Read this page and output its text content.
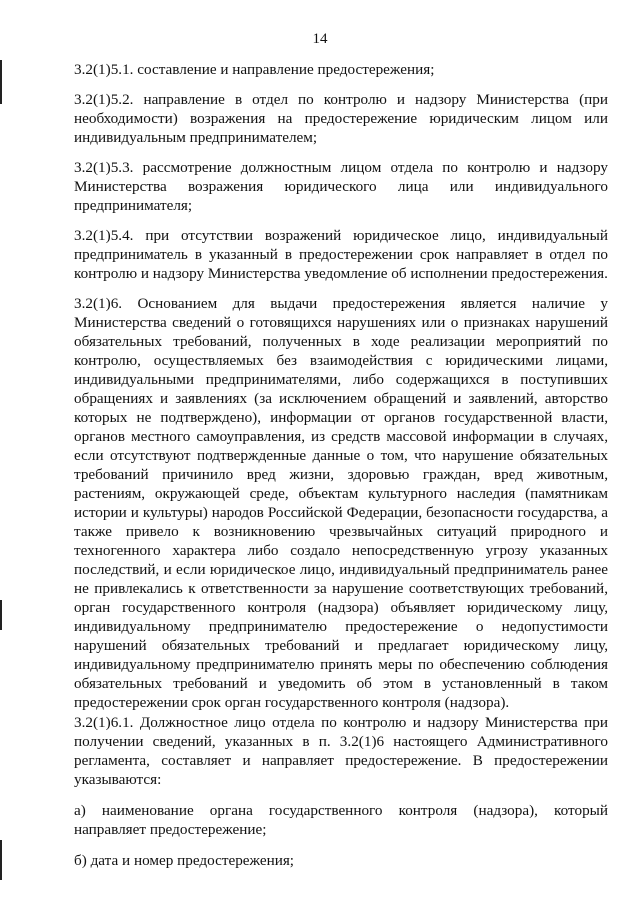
14

3.2(1)5.1. составление и направление предостережения;

3.2(1)5.2. направление в отдел по контролю и надзору Министерства (при
необходимости) возражения на предостережение юридическим лицом или
индивидуальным предпринимателем;

3.2(1)5.3. рассмотрение должностным лицом отдела по контролю и надзору
Министерства возражения юридического лица или индивидуального
предпринимателя;

3.2(1)5.4. при отсутствии возражений юридическое лицо, индивидуальный
предприниматель в указанный в предостережении срок направляет в отдел по
контролю и надзору Министерства уведомление об исполнении предостережения.

3.2(1)6. Основанием для выдачи предостережения является наличие у
Министерства сведений о готовящихся нарушениях или о признаках нарушений
обязательных требований, полученных в ходе реализации мероприятий по
контролю, осуществляемых без взаимодействия с юридическими лицами,
индивидуальными предпринимателями, либо содержащихся в поступивших
обращениях и заявлениях (за исключением обращений и заявлений, авторство
которых не подтверждено), информации от органов государственной власти,
органов местного самоуправления, из средств массовой информации в случаях,
если отсутствуют подтвержденные данные о том, что нарушение обязательных
требований причинило вред жизни, здоровью граждан, вред животным,
растениям, окружающей среде, объектам культурного наследия (памятникам
истории и культуры) народов Российской Федерации, безопасности государства, а
также привело к возникновению чрезвычайных ситуаций природного и
техногенного характера либо создало непосредственную угрозу указанных
последствий, и если юридическое лицо, индивидуальный предприниматель ранее
не привлекались к ответственности за нарушение соответствующих требований,
орган государственного контроля (надзора) объявляет юридическому лицу,
индивидуальному предпринимателю предостережение о недопустимости
нарушений обязательных требований и предлагает юридическому лицу,
индивидуальному предпринимателю принять меры по обеспечению соблюдения
обязательных требований и уведомить об этом в установленный в таком
предостережении срок орган государственного контроля (надзора).

3.2(1)6.1. Должностное лицо отдела по контролю и надзору Министерства при
получении сведений, указанных в п. 3.2(1)6 настоящего Административного
регламента, составляет и направляет предостережение. В предостережении
указываются:

а) наименование органа государственного контроля (надзора), который
направляет предостережение;

б) дата и номер предостережения;
